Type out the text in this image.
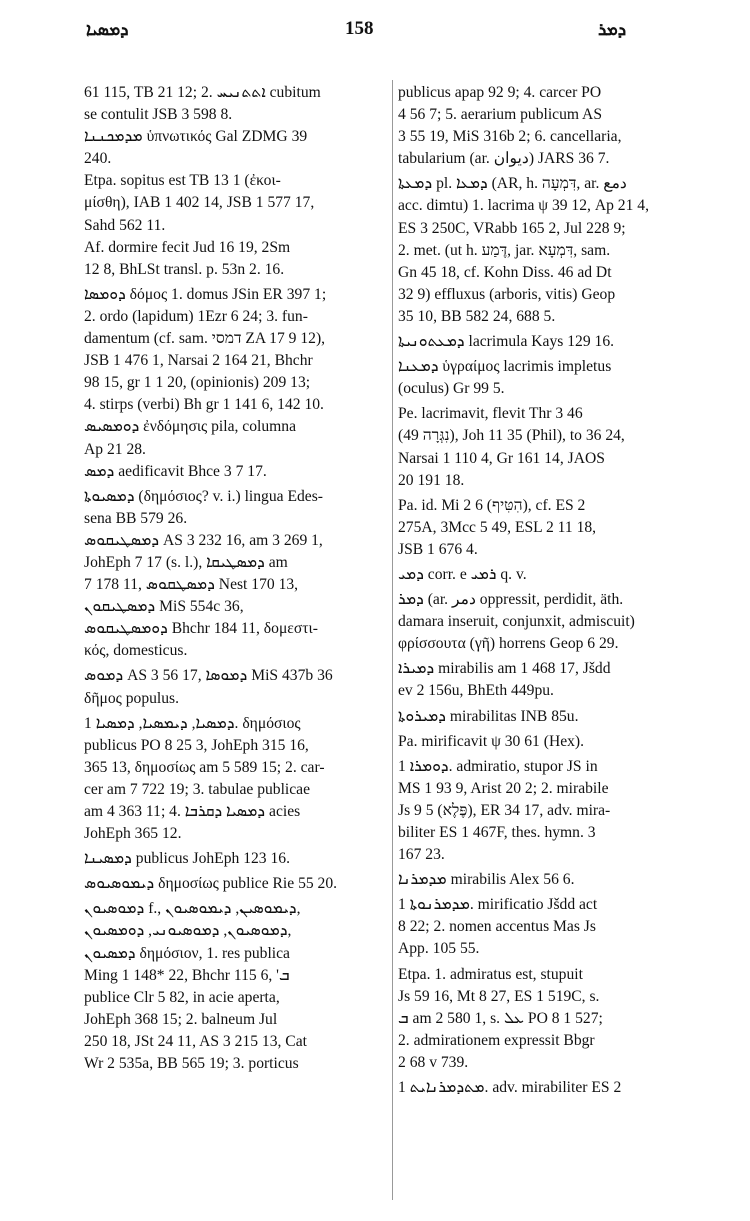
ܕܡܣܝܐ	158	ܕܡܪ
61 115, TB 21 12; 2. ܐܬܬܢܝܚ cubitum
se contulit JSB 3 598 8.
ܡܕܡܟܢܢܐ ὑπνωτικός Gal ZDMG 39
240.
Etpa. sopitus est TB 13 1 (ἐκοι-
μίσθη), IAB 1 402 14, JSB 1 577 17,
Sahd 562 11.
Af. dormire fecit Jud 16 19, 2Sm
12 8, BhLSt transl. p. 53n 2. 16.
ܕܘܡܣܐ δόμος 1. domus JSin ER 397 1;
2. ordo (lapidum) 1Ezr 6 24; 3. fun-
damentum (cf. sam. דמסי ZA 17 9 12),
JSB 1 476 1, Narsai 2 164 21, Bhchr
98 15, gr 1 1 20, (opinionis) 209 13;
4. stirps (verbi) Bh gr 1 141 6, 142 10.
ܕܘܡܣܝܣ ἐνδόμησις pila, columna
Ap 21 28.
ܕܡܣ aedificavit Bhce 3 7 17.
ܕܡܣܝܘܬܐ (δημόσιος? v. i.) lingua Edes-
sena BB 579 26.
ܕܡܣܛܝܩܘܣ AS 3 232 16, am 3 269 1,
JohEph 7 17 (s. l.), ܕܡܣܛܝܩܐ am
7 178 11, ܕܡܣܛܩܘܣ Nest 170 13,
ܕܡܣܛܝܩܘܢ MiS 554c 36,
ܕܘܡܣܛܝܩܘܣ Bhchr 184 11, δομεστι-
κός, domesticus.
ܕܡܘܣ AS 3 56 17, ܕܡܘܣܐ MiS 437b 36
δῆμος populus.
ܕܡܣܝܐ, ܕܝܡܣܝܐ, ܕܡܣܝܐ 1. δημόσιος
publicus PO 8 25 3, JohEph 315 16,
365 13, δημοσίως am 5 589 15; 2. car-
cer am 7 722 19; 3. tabulae publicae
am 4 363 11; 4. ܕܡܣܝܐ ܕܩܪܒܐ acies
JohEph 365 12.
ܕܡܣܝܢܐ publicus JohEph 123 16.
ܕܝܡܘܣܝܘܣ δημοσίως publice Rie 55 20.
ܕܡܘܣܝܘܢ f., ܕܝܡܘܣܝܢ, ܕܝܡܘܣܝܘܢ,
ܕܡܘܣܝܘܢ, ܕܡܘܣܝܘܢܝ, ܕܘܡܣܝܘܢ,
ܕܡܣܝܘܢ δημόσιον, 1. res publica
Ming 1 148* 22, Bhchr 115 6, 'ܒ
publice Clr 5 82, in acie aperta,
JohEph 368 15; 2. balneum Jul
250 18, JSt 24 11, AS 3 215 13, Cat
Wr 2 535a, BB 565 19; 3. porticus
publicus apap 92 9; 4. carcer PO
4 56 7; 5. aerarium publicum AS
3 55 19, MiS 316b 2; 6. cancellaria,
tabularium (ar. ديوان) JARS 36 7.
ܕܡܥܬܐ pl. ܕܡܥܐ (AR, h. דִּמְעָה, ar. دمع
acc. dimtu) 1. lacrima ψ 39 12, Ap 21 4,
ES 3 250C, VRabb 165 2, Jul 228 9;
2. met. (ut h. דֶּמַע, jar. דִּמְעָא, sam.
Gn 45 18, cf. Kohn Diss. 46 ad Dt
32 9) effluxus (arboris, vitis) Geop
35 10, BB 582 24, 688 5.
ܕܡܥܬܘܢܝܬܐ lacrimula Kays 129 16.
ܕܡܥܢܐ ὑγραίμος lacrimis impletus
(oculus) Gr 99 5.
Pe. lacrimavit, flevit Thr 3 46
(49 נִגְּרָה), Joh 11 35 (Phil), to 36 24,
Narsai 1 110 4, Gr 161 14, JAOS
20 191 18.
Pa. id. Mi 2 6 (הִטִּיף), cf. ES 2
275A, 3Mcc 5 49, ESL 2 11 18,
JSB 1 676 4.
ܕܡܝ corr. e ܪܡܝ q. v.
ܕܡܪ (ar. دمر oppressit, perdidit, äth.
damara inseruit, conjunxit, admiscuit)
φρίσσουτα (γῆ) horrens Geop 6 29.
ܕܡܝܪܐ mirabilis am 1 468 17, Jšdd
ev 2 156u, BhEth 449pu.
ܕܡܝܪܘܬܐ mirabilitas INB 85u.
Pa. mirificavit ψ 30 61 (Hex).
ܕܘܡܪܐ 1. admiratio, stupor JS in
MS 1 93 9, Arist 20 2; 2. mirabile
Js 9 5 (פֶּלֶא), ER 34 17, adv. mira-
biliter ES 1 467F, thes. hymn. 3
167 23.
ܡܕܡܪܢܐ mirabilis Alex 56 6.
ܡܕܡܪܢܘܬܐ 1. mirificatio Jšdd act
8 22; 2. nomen accentus Mas Js
App. 105 55.
Etpa. 1. admiratus est, stupuit
Js 59 16, Mt 8 27, ES 1 519C, s.
ܒ am 2 580 1, s. ܥܠ PO 8 1 527;
2. admirationem expressit Bbgr
2 68 v 739.
ܡܬܕܡܪܢܐܝܬ 1. adv. mirabiliter ES 2
